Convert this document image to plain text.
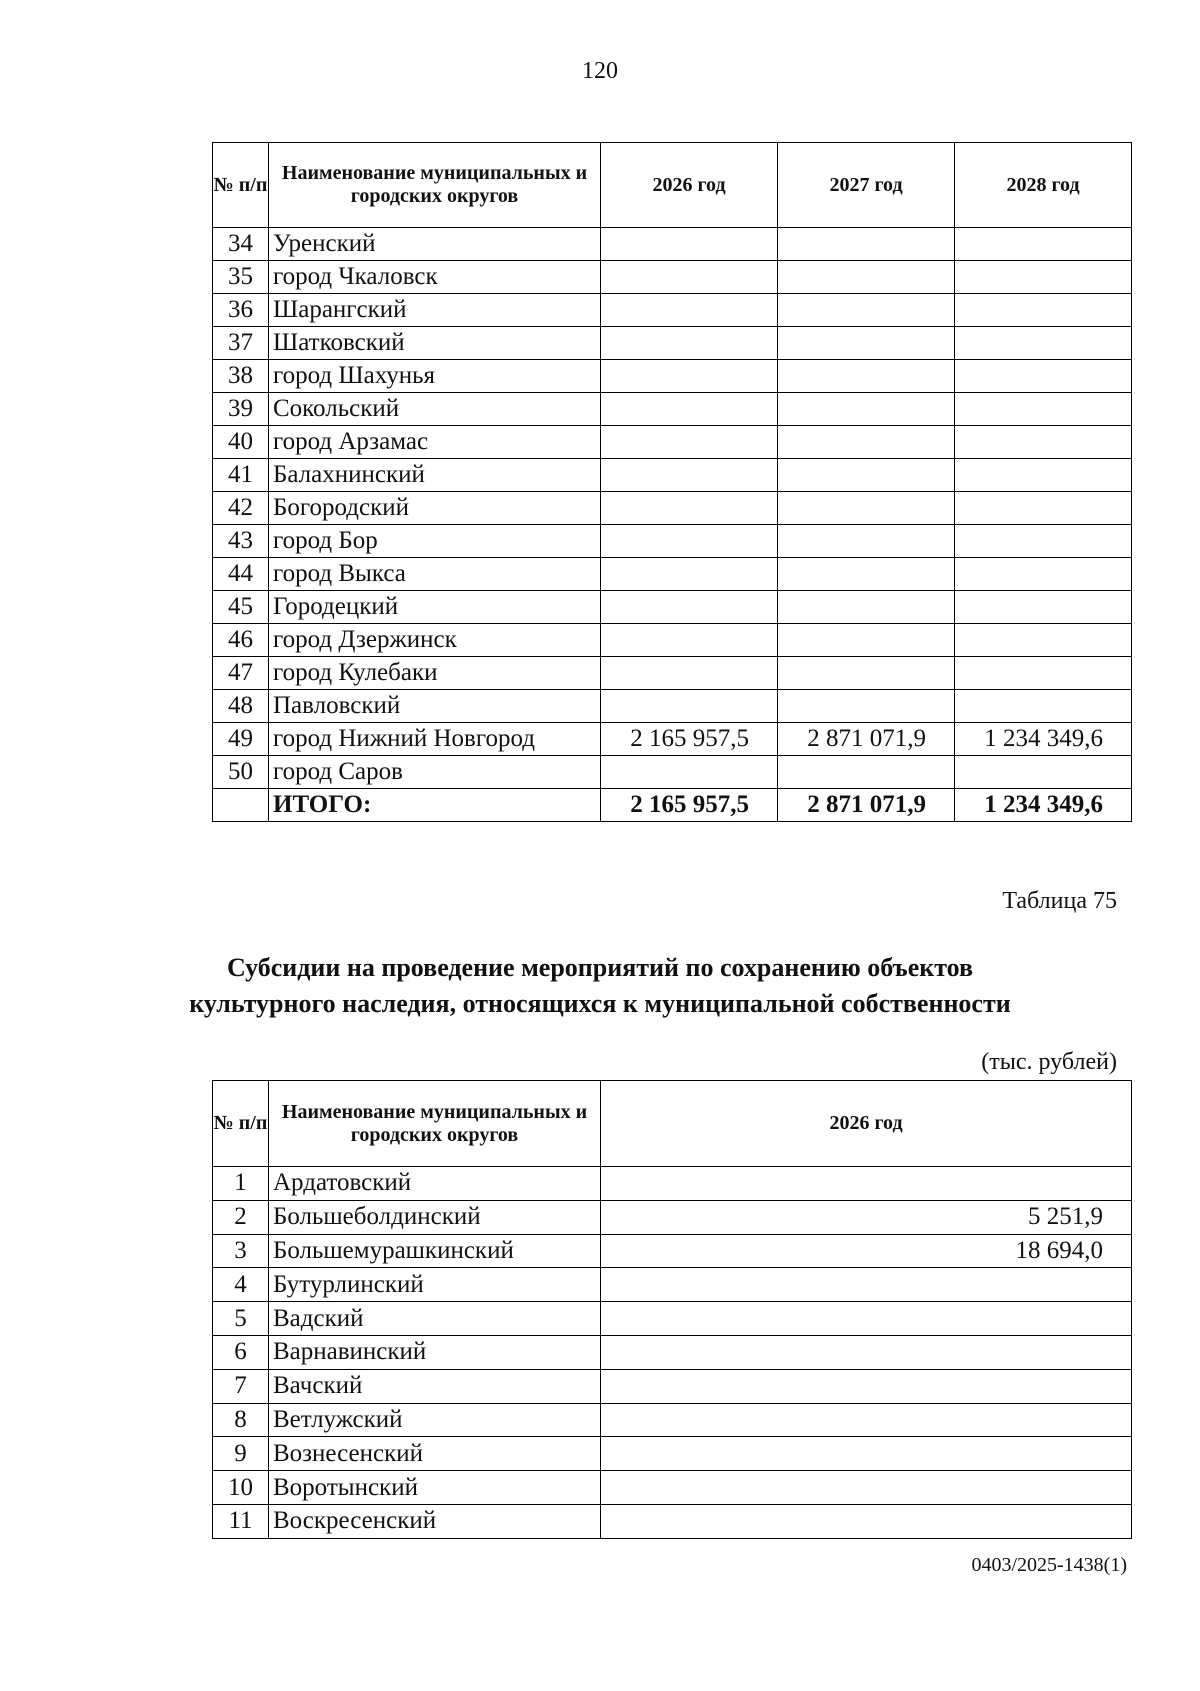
120
№ п/п	Наименование муниципальных и городских округов	2026 год	2027 год	2028 год
34	Уренский			
35	город Чкаловск			
36	Шарангский			
37	Шатковский			
38	город Шахунья			
39	Сокольский			
40	город Арзамас			
41	Балахнинский			
42	Богородский			
43	город Бор			
44	город Выкса			
45	Городецкий			
46	город Дзержинск			
47	город Кулебаки			
48	Павловский			
49	город Нижний Новгород	2 165 957,5	2 871 071,9	1 234 349,6
50	город Саров			
	ИТОГО:	2 165 957,5	2 871 071,9	1 234 349,6
Таблица 75
Субсидии на проведение мероприятий по сохранению объектов
культурного наследия, относящихся к муниципальной собственности
(тыс. рублей)
№ п/п	Наименование муниципальных и городских округов	2026 год
1	Ардатовский	
2	Большеболдинский	5 251,9
3	Большемурашкинский	18 694,0
4	Бутурлинский	
5	Вадский	
6	Варнавинский	
7	Вачский	
8	Ветлужский	
9	Вознесенский	
10	Воротынский	
11	Воскресенский	
0403/2025-1438(1)
